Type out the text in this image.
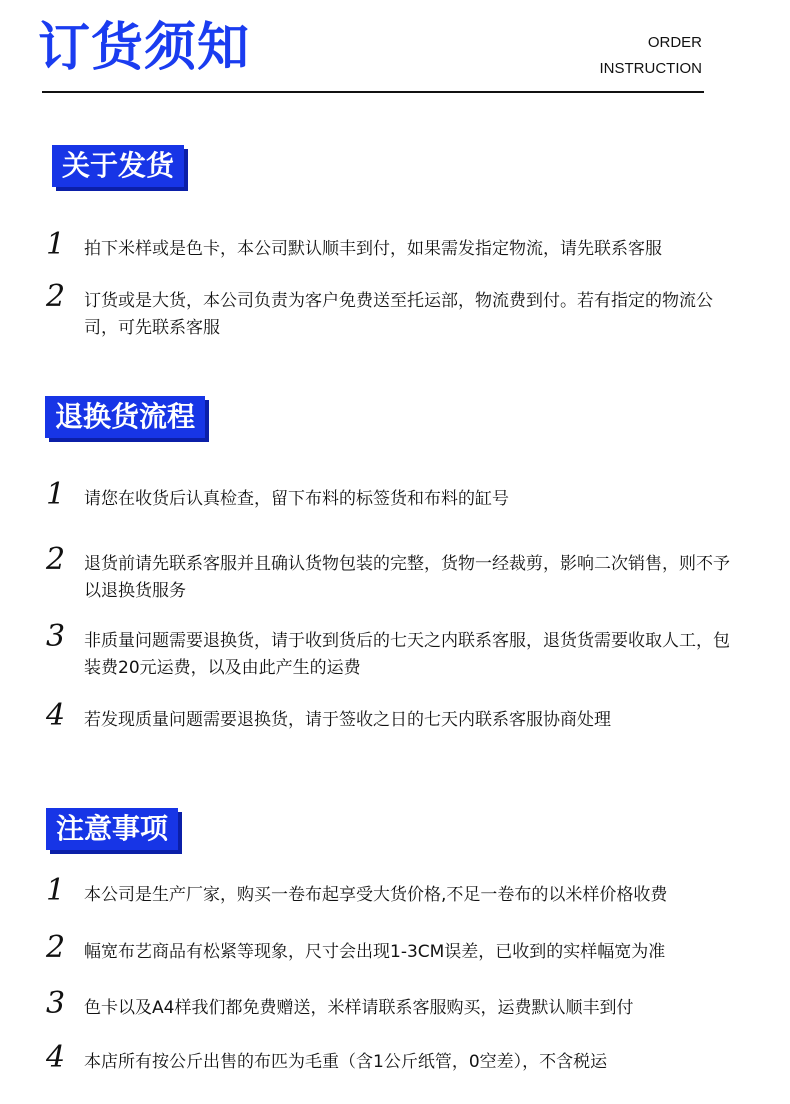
订货须知	ORDER
INSTRUCTION
关于发货
1	拍下米样或是色卡，本公司默认顺丰到付，如果需发指定物流，请先联系客服
2	订货或是大货，本公司负责为客户免费送至托运部，物流费到付。若有指定的物流公司，可先联系客服
退换货流程
1	请您在收货后认真检查，留下布料的标签货和布料的缸号
2	退货前请先联系客服并且确认货物包装的完整，货物一经裁剪，影响二次销售，则不予以退换货服务
3	非质量问题需要退换货，请于收到货后的七天之内联系客服，退货货需要收取人工，包装费20元运费，以及由此产生的运费
4	若发现质量问题需要退换货，请于签收之日的七天内联系客服协商处理
注意事项
1	本公司是生产厂家，购买一卷布起享受大货价格,不足一卷布的以米样价格收费
2	幅宽布艺商品有松紧等现象，尺寸会出现1-3CM误差，已收到的实样幅宽为准
3	色卡以及A4样我们都免费赠送，米样请联系客服购买，运费默认顺丰到付
4	本店所有按公斤出售的布匹为毛重（含1公斤纸管，0空差），不含税运
